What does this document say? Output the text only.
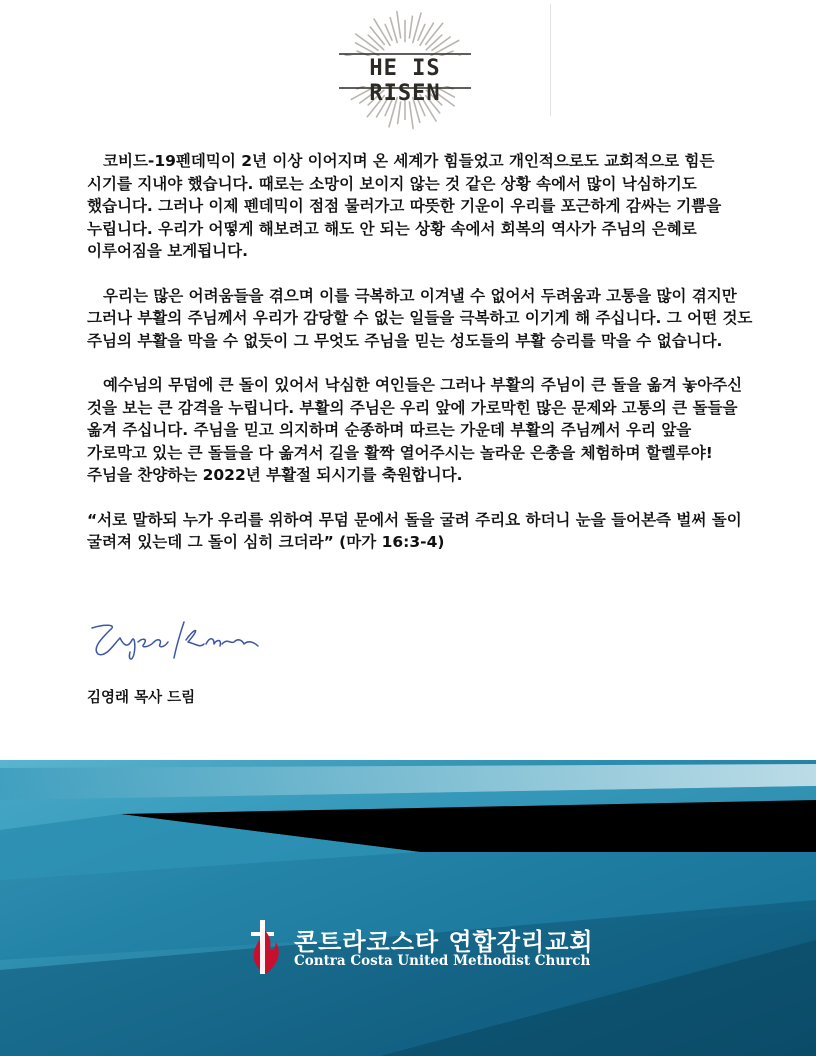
HE IS RISEN

코비드-19펜데믹이 2년 이상 이어지며 온 세계가 힘들었고 개인적으로도 교회적으로 힘든 시기를 지내야 했습니다. 때로는 소망이 보이지 않는 것 같은 상황 속에서 많이 낙심하기도 했습니다. 그러나 이제 펜데믹이 점점 물러가고 따뜻한 기운이 우리를 포근하게 감싸는 기쁨을 누립니다. 우리가 어떻게 해보려고 해도 안 되는 상황 속에서 회복의 역사가 주님의 은혜로 이루어짐을 보게됩니다.

우리는 많은 어려움들을 겪으며 이를 극복하고 이겨낼 수 없어서 두려움과 고통을 많이 겪지만 그러나 부활의 주님께서 우리가 감당할 수 없는 일들을 극복하고 이기게 해 주십니다. 그 어떤 것도 주님의 부활을 막을 수 없듯이 그 무엇도 주님을 믿는 성도들의 부활 승리를 막을 수 없습니다.

예수님의 무덤에 큰 돌이 있어서 낙심한 여인들은 그러나 부활의 주님이 큰 돌을 옮겨 놓아주신 것을 보는 큰 감격을 누립니다. 부활의 주님은 우리 앞에 가로막힌 많은 문제와 고통의 큰 돌들을 옮겨 주십니다. 주님을 믿고 의지하며 순종하며 따르는 가운데 부활의 주님께서 우리 앞을 가로막고 있는 큰 돌들을 다 옮겨서 길을 활짝 열어주시는 놀라운 은총을 체험하며 할렐루야! 주님을 찬양하는 2022년 부활절 되시기를 축원합니다.

“서로 말하되 누가 우리를 위하여 무덤 문에서 돌을 굴려 주리요 하더니 눈을 들어본즉 벌써 돌이 굴려져 있는데 그 돌이 심히 크더라” (마가 16:3-4)

김영래 목사 드림
콘트라코스타 연합감리교회
Contra Costa United Methodist Church
